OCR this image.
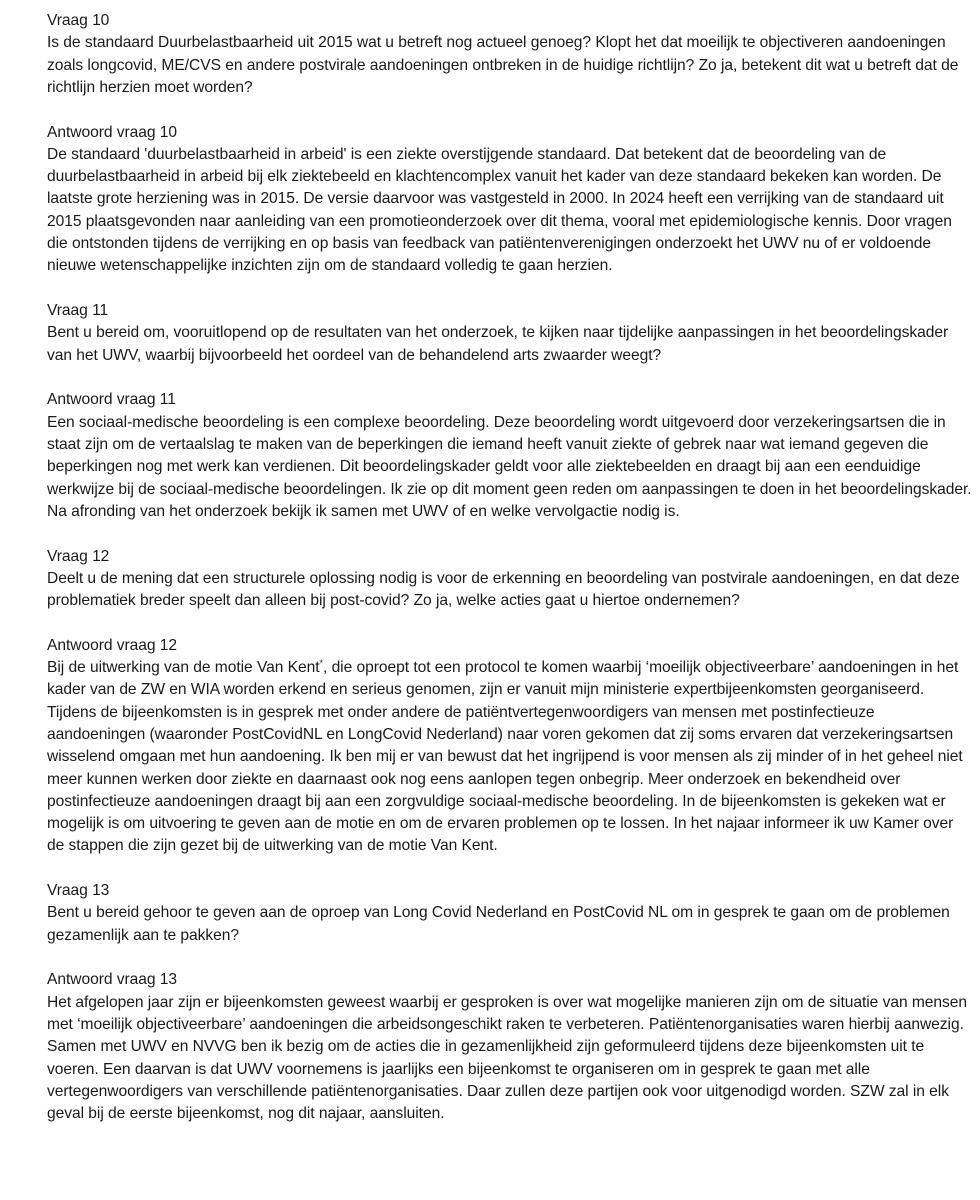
Vraag 10

Is de standaard Duurbelastbaarheid uit 2015 wat u betreft nog actueel genoeg? Klopt het dat moeilijk te objectiveren aandoeningen zoals longcovid, ME/CVS en andere postvirale aandoeningen ontbreken in de huidige richtlijn? Zo ja, betekent dit wat u betreft dat de richtlijn herzien moet worden?

Antwoord vraag 10

De standaard 'duurbelastbaarheid in arbeid' is een ziekte overstijgende standaard. Dat betekent dat de beoordeling van de duurbelastbaarheid in arbeid bij elk ziektebeeld en klachtencomplex vanuit het kader van deze standaard bekeken kan worden. De laatste grote herziening was in 2015. De versie daarvoor was vastgesteld in 2000. In 2024 heeft een verrijking van de standaard uit 2015 plaatsgevonden naar aanleiding van een promotieonderzoek over dit thema, vooral met epidemiologische kennis. Door vragen die ontstonden tijdens de verrijking en op basis van feedback van patiëntenverenigingen onderzoekt het UWV nu of er voldoende nieuwe wetenschappelijke inzichten zijn om de standaard volledig te gaan herzien.

Vraag 11

Bent u bereid om, vooruitlopend op de resultaten van het onderzoek, te kijken naar tijdelijke aanpassingen in het beoordelingskader van het UWV, waarbij bijvoorbeeld het oordeel van de behandelend arts zwaarder weegt?

Antwoord vraag 11

Een sociaal-medische beoordeling is een complexe beoordeling. Deze beoordeling wordt uitgevoerd door verzekeringsartsen die in staat zijn om de vertaalslag te maken van de beperkingen die iemand heeft vanuit ziekte of gebrek naar wat iemand gegeven die beperkingen nog met werk kan verdienen. Dit beoordelingskader geldt voor alle ziektebeelden en draagt bij aan een eenduidige werkwijze bij de sociaal-medische beoordelingen. Ik zie op dit moment geen reden om aanpassingen te doen in het beoordelingskader. Na afronding van het onderzoek bekijk ik samen met UWV of en welke vervolgactie nodig is.

Vraag 12

Deelt u de mening dat een structurele oplossing nodig is voor de erkenning en beoordeling van postvirale aandoeningen, en dat deze problematiek breder speelt dan alleen bij post-covid? Zo ja, welke acties gaat u hiertoe ondernemen?

Antwoord vraag 12

Bij de uitwerking van de motie Van Kent*, die oproept tot een protocol te komen waarbij ‘moeilijk objectiveerbare’ aandoeningen in het kader van de ZW en WIA worden erkend en serieus genomen, zijn er vanuit mijn ministerie expertbijeenkomsten georganiseerd. Tijdens de bijeenkomsten is in gesprek met onder andere de patiëntvertegenwoordigers van mensen met postinfectieuze aandoeningen (waaronder PostCovidNL en LongCovid Nederland) naar voren gekomen dat zij soms ervaren dat verzekeringsartsen wisselend omgaan met hun aandoening. Ik ben mij er van bewust dat het ingrijpend is voor mensen als zij minder of in het geheel niet meer kunnen werken door ziekte en daarnaast ook nog eens aanlopen tegen onbegrip. Meer onderzoek en bekendheid over postinfectieuze aandoeningen draagt bij aan een zorgvuldige sociaal-medische beoordeling. In de bijeenkomsten is gekeken wat er mogelijk is om uitvoering te geven aan de motie en om de ervaren problemen op te lossen. In het najaar informeer ik uw Kamer over de stappen die zijn gezet bij de uitwerking van de motie Van Kent.

Vraag 13

Bent u bereid gehoor te geven aan de oproep van Long Covid Nederland en PostCovid NL om in gesprek te gaan om de problemen gezamenlijk aan te pakken?

Antwoord vraag 13

Het afgelopen jaar zijn er bijeenkomsten geweest waarbij er gesproken is over wat mogelijke manieren zijn om de situatie van mensen met ‘moeilijk objectiveerbare’ aandoeningen die arbeidsongeschikt raken te verbeteren. Patiëntenorganisaties waren hierbij aanwezig. Samen met UWV en NVVG ben ik bezig om de acties die in gezamenlijkheid zijn geformuleerd tijdens deze bijeenkomsten uit te voeren. Een daarvan is dat UWV voornemens is jaarlijks een bijeenkomst te organiseren om in gesprek te gaan met alle vertegenwoordigers van verschillende patiëntenorganisaties. Daar zullen deze partijen ook voor uitgenodigd worden. SZW zal in elk geval bij de eerste bijeenkomst, nog dit najaar, aansluiten.
